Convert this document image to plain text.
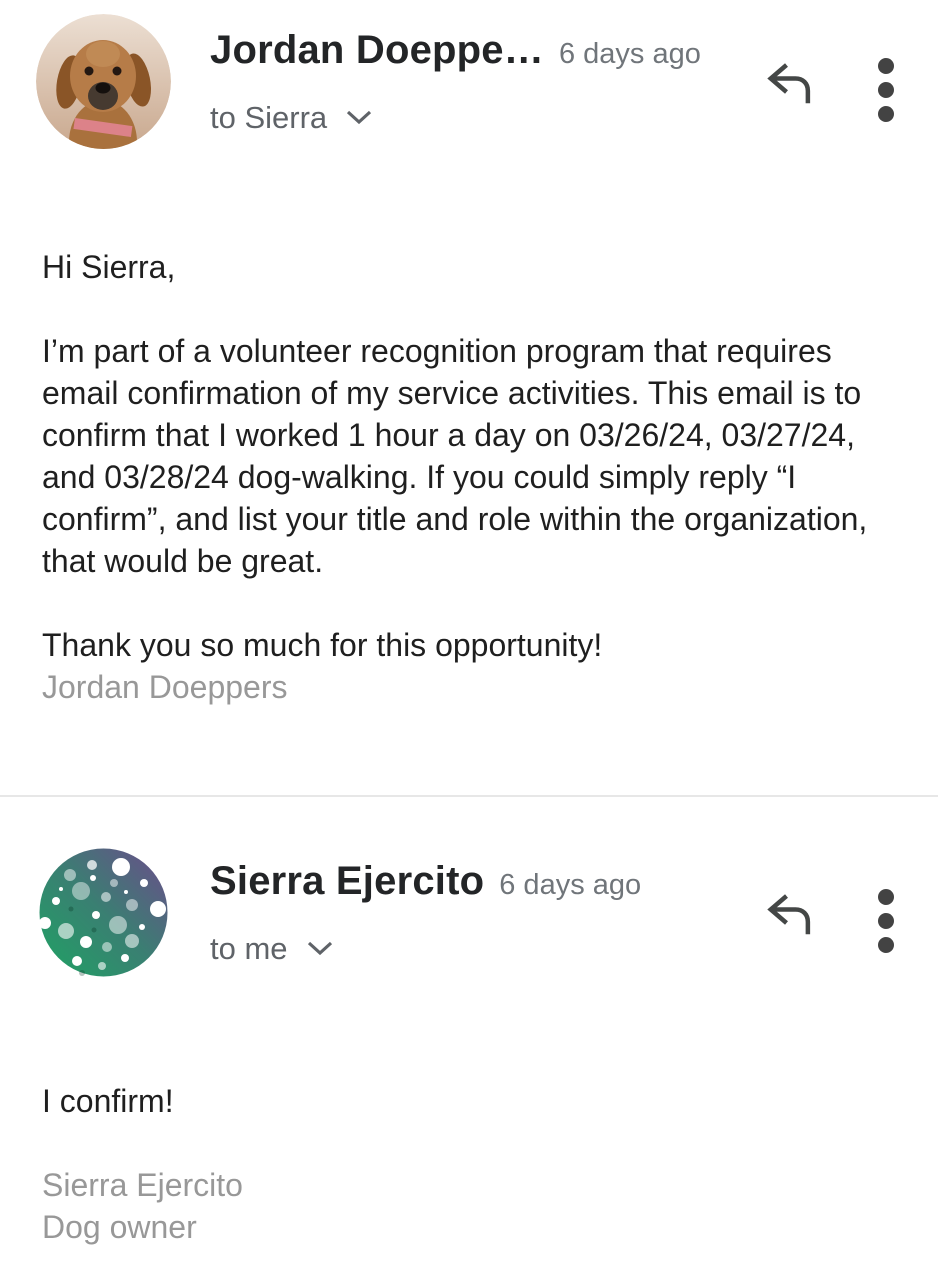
Jordan Doeppe… 6 days ago
to Sierra

Hi Sierra,

I’m part of a volunteer recognition program that requires email confirmation of my service activities. This email is to confirm that I worked 1 hour a day on 03/26/24, 03/27/24, and 03/28/24 dog-walking. If you could simply reply “I confirm”, and list your title and role within the organization, that would be great.

Thank you so much for this opportunity!

Jordan Doeppers
Sierra Ejercito 6 days ago
to me

I confirm!

Sierra Ejercito
Dog owner
